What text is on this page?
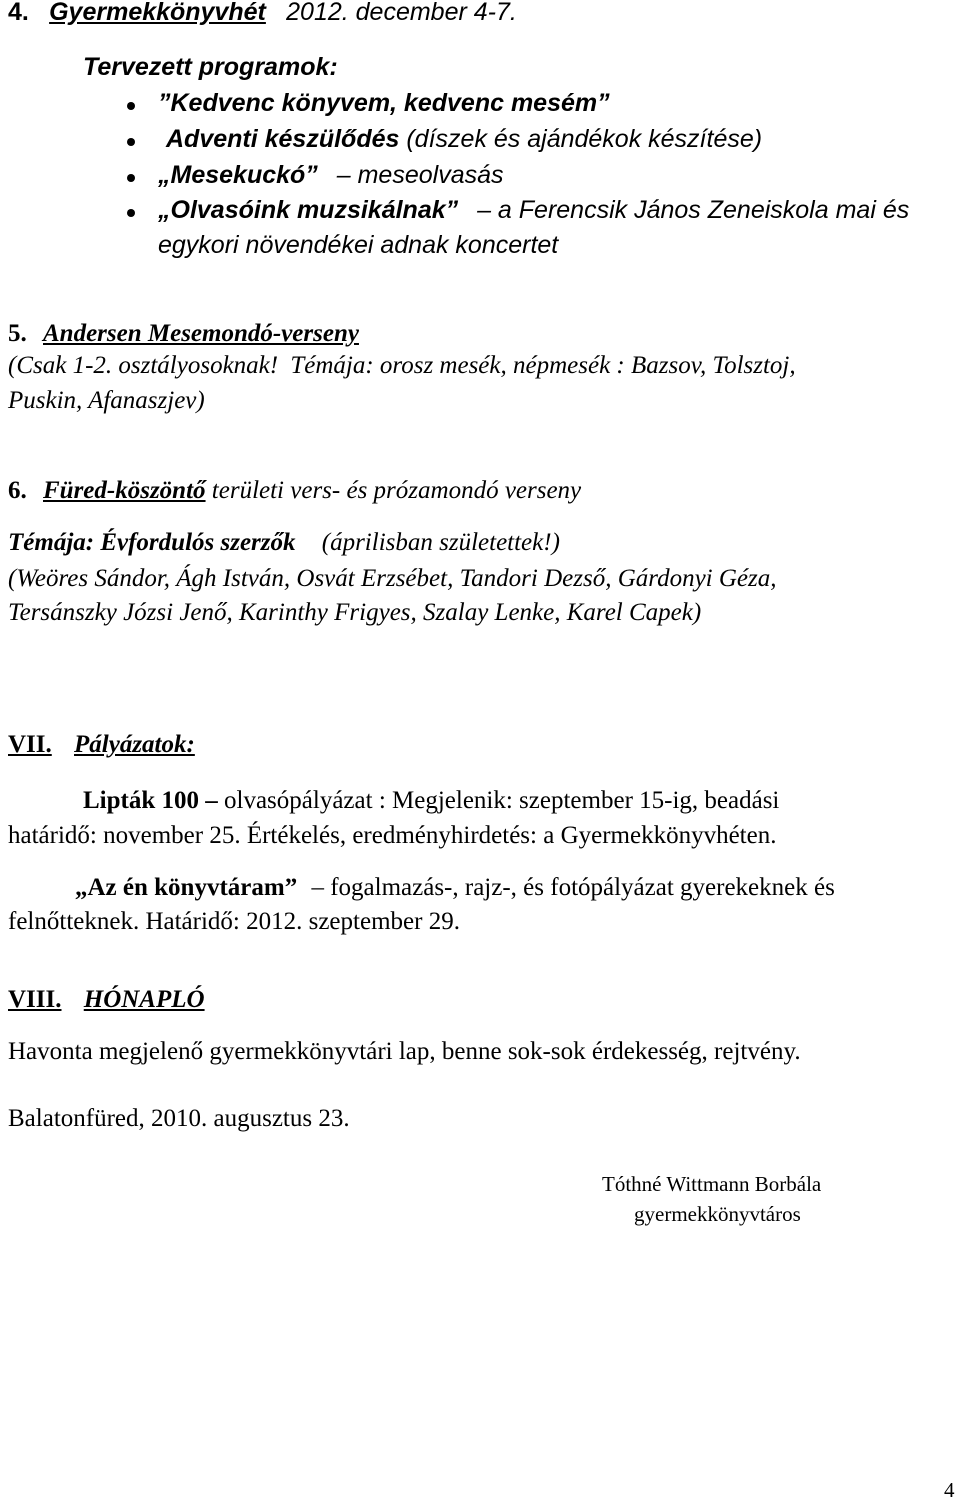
4. Gyermekkönyvhét 2012. december 4-7.
Tervezett programok:
”Kedvenc könyvem, kedvenc mesém”
Adventi készülődés (díszek és ajándékok készítése)
„Mesekuckó” – meseolvasás
„Olvasóink muzsikálnak” – a Ferencsik János Zeneiskola mai és
egykori növendékei adnak koncertet
5. Andersen Mesemondó-verseny
(Csak 1-2. osztályosoknak! Témája: orosz mesék, népmesék : Bazsov, Tolsztoj,
Puskin, Afanaszjev)
6. Füred-köszöntő területi vers- és prózamondó verseny
Témája: Évfordulós szerzők (áprilisban születettek!)
(Weöres Sándor, Ágh István, Osvát Erzsébet, Tandori Dezső, Gárdonyi Géza,
Tersánszky Józsi Jenő, Karinthy Frigyes, Szalay Lenke, Karel Capek)
VII. Pályázatok:
Lipták 100 – olvasópályázat : Megjelenik: szeptember 15-ig, beadási
határidő: november 25. Értékelés, eredményhirdetés: a Gyermekkönyvhéten.
„Az én könyvtáram” – fogalmazás-, rajz-, és fotópályázat gyerekeknek és
felnőtteknek. Határidő: 2012. szeptember 29.
VIII. HÓNAPLÓ
Havonta megjelenő gyermekkönyvtári lap, benne sok-sok érdekesség, rejtvény.
Balatonfüred, 2010. augusztus 23.
Tóthné Wittmann Borbála
gyermekkönyvtáros
4
